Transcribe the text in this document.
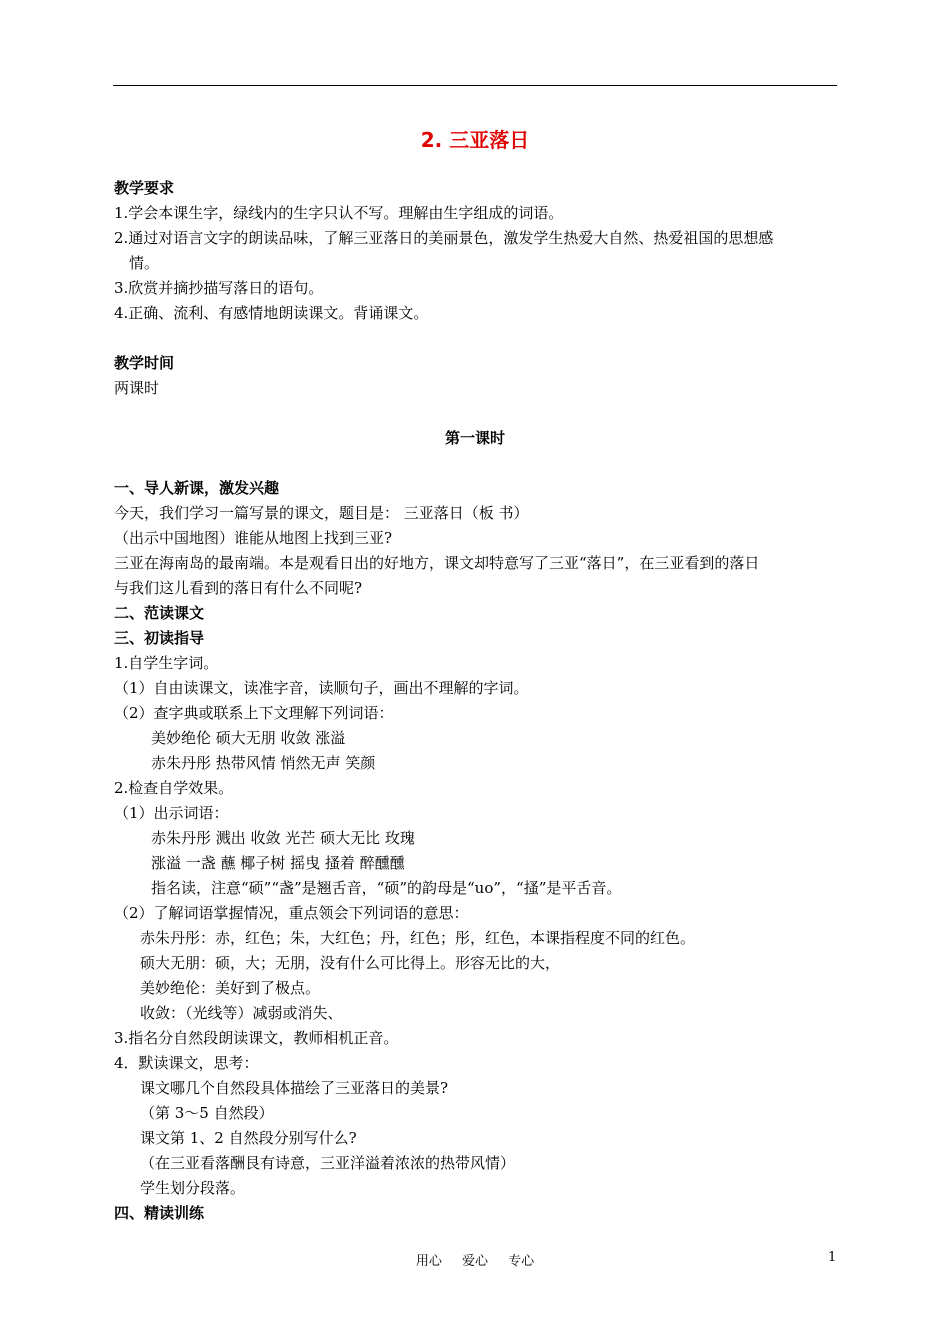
2. 三亚落日
教学要求
1.学会本课生字，绿线内的生字只认不写。理解由生字组成的词语。
2.通过对语言文字的朗读品味，了解三亚落日的美丽景色，激发学生热爱大自然、热爱祖国的思想感
情。
3.欣赏并摘抄描写落日的语句。
4.正确、流利、有感情地朗读课文。背诵课文。
教学时间
两课时
第一课时
一、导人新课，激发兴趣
今天，我们学习一篇写景的课文，题目是： 三亚落日（板 书）
（出示中国地图）谁能从地图上找到三亚?
三亚在海南岛的最南端。本是观看日出的好地方，课文却特意写了三亚“落日”，在三亚看到的落日
与我们这儿看到的落日有什么不同呢?
二、范读课文
三、初读指导
1.自学生字词。
（1）自由读课文，读准字音，读顺句子，画出不理解的字词。
（2）查字典或联系上下文理解下列词语：
美妙绝伦 硕大无朋 收敛 涨溢
赤朱丹彤 热带风情 悄然无声 笑颜
2.检查自学效果。
（1）出示词语：
赤朱丹彤 溅出 收敛 光芒 硕大无比 玫瑰
涨溢 一盏 蘸 椰子树 摇曳 搔着 醉醺醺
指名读，注意“硕”“盏”是翘舌音，“硕”的韵母是“uo”，“搔”是平舌音。
（2）了解词语掌握情况，重点领会下列词语的意思：
赤朱丹彤：赤，红色；朱，大红色；丹，红色；彤，红色，本课指程度不同的红色。
硕大无朋：硕，大；无朋，没有什么可比得上。形容无比的大，
美妙绝伦：美好到了极点。
收敛：（光线等）减弱或消失、
3.指名分自然段朗读课文，教师相机正音。
4．默读课文，思考：
课文哪几个自然段具体描绘了三亚落日的美景?
（第 3～5 自然段）
课文第 1、2 自然段分别写什么?
（在三亚看落酬艮有诗意，三亚洋溢着浓浓的热带风情）
学生划分段落。
四、精读训练
用心 爱心 专心	1
